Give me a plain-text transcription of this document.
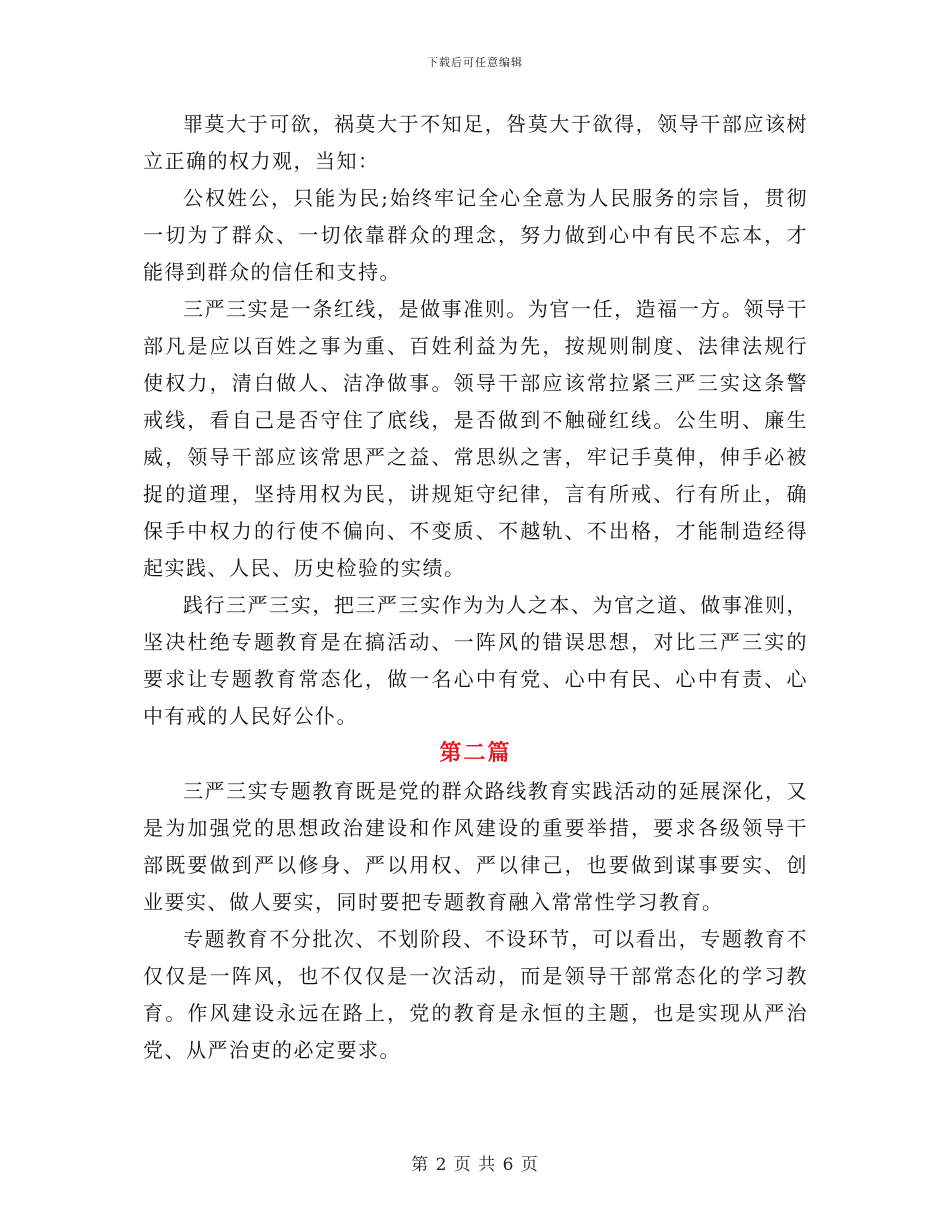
下载后可任意编辑

罪莫大于可欲，祸莫大于不知足，咎莫大于欲得，领导干部应该树立正确的权力观，当知：

公权姓公，只能为民;始终牢记全心全意为人民服务的宗旨，贯彻一切为了群众、一切依靠群众的理念，努力做到心中有民不忘本，才能得到群众的信任和支持。

三严三实是一条红线，是做事准则。为官一任，造福一方。领导干部凡是应以百姓之事为重、百姓利益为先，按规则制度、法律法规行使权力，清白做人、洁净做事。领导干部应该常拉紧三严三实这条警戒线，看自己是否守住了底线，是否做到不触碰红线。公生明、廉生威，领导干部应该常思严之益、常思纵之害，牢记手莫伸，伸手必被捉的道理，坚持用权为民，讲规矩守纪律，言有所戒、行有所止，确保手中权力的行使不偏向、不变质、不越轨、不出格，才能制造经得起实践、人民、历史检验的实绩。

践行三严三实，把三严三实作为为人之本、为官之道、做事准则，坚决杜绝专题教育是在搞活动、一阵风的错误思想，对比三严三实的要求让专题教育常态化，做一名心中有党、心中有民、心中有责、心中有戒的人民好公仆。

第二篇

三严三实专题教育既是党的群众路线教育实践活动的延展深化，又是为加强党的思想政治建设和作风建设的重要举措，要求各级领导干部既要做到严以修身、严以用权、严以律己，也要做到谋事要实、创业要实、做人要实，同时要把专题教育融入常常性学习教育。

专题教育不分批次、不划阶段、不设环节，可以看出，专题教育不仅仅是一阵风，也不仅仅是一次活动，而是领导干部常态化的学习教育。作风建设永远在路上，党的教育是永恒的主题，也是实现从严治党、从严治吏的必定要求。

第 2 页 共 6 页
